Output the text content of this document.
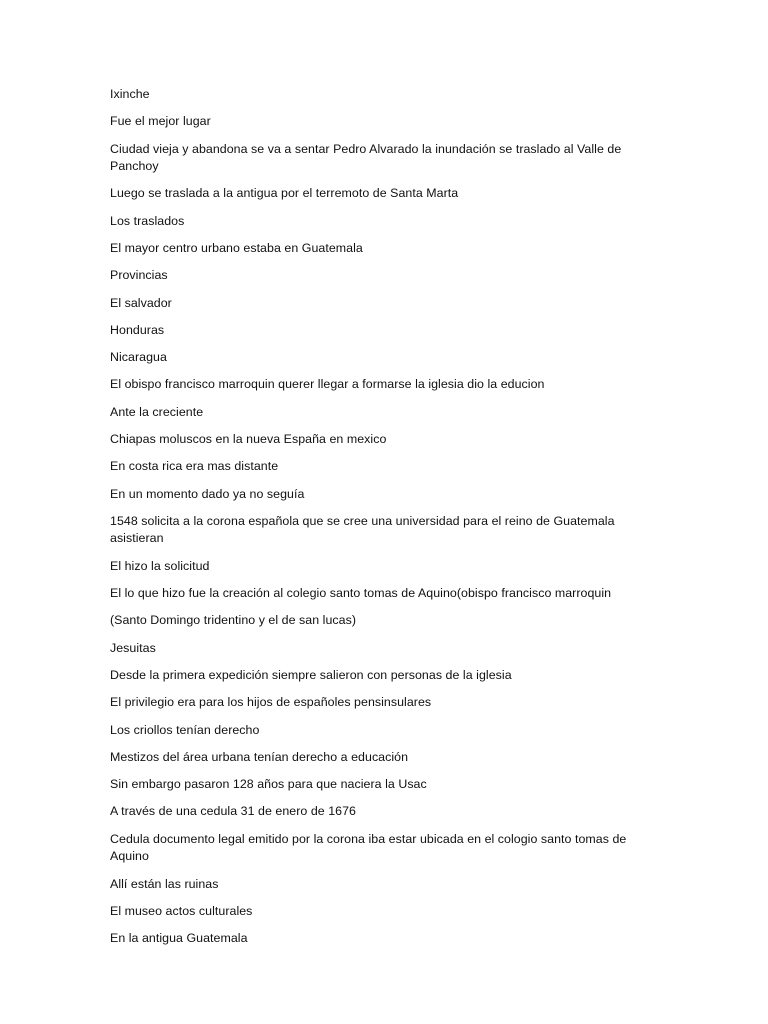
Ixinche

Fue el mejor lugar

Ciudad vieja y abandona se va a sentar Pedro Alvarado la inundación se traslado al Valle de Panchoy

Luego se traslada a la antigua por el terremoto de Santa Marta

Los traslados

El mayor centro urbano estaba en Guatemala

Provincias

El salvador

Honduras

Nicaragua

El obispo francisco marroquin querer llegar a formarse la iglesia dio la educion

Ante la creciente

Chiapas moluscos en la nueva España en mexico

En costa rica era mas distante

En un momento dado ya no seguía

1548 solicita a la corona española que se cree una universidad para el reino de Guatemala asistieran

El hizo la solicitud

El lo que hizo fue la creación al colegio santo tomas de Aquino(obispo francisco marroquin

(Santo Domingo tridentino y el de san lucas)

Jesuitas

Desde la primera expedición siempre salieron con personas de la iglesia

El privilegio era para los hijos de españoles pensinsulares

Los criollos tenían derecho

Mestizos del área urbana tenían derecho a educación

Sin embargo pasaron 128 años para que naciera la Usac

A través de una cedula 31 de enero de 1676

Cedula documento legal emitido por la corona iba estar ubicada en el cologio santo tomas de Aquino

Allí están las ruinas

El museo actos culturales

En la antigua Guatemala
